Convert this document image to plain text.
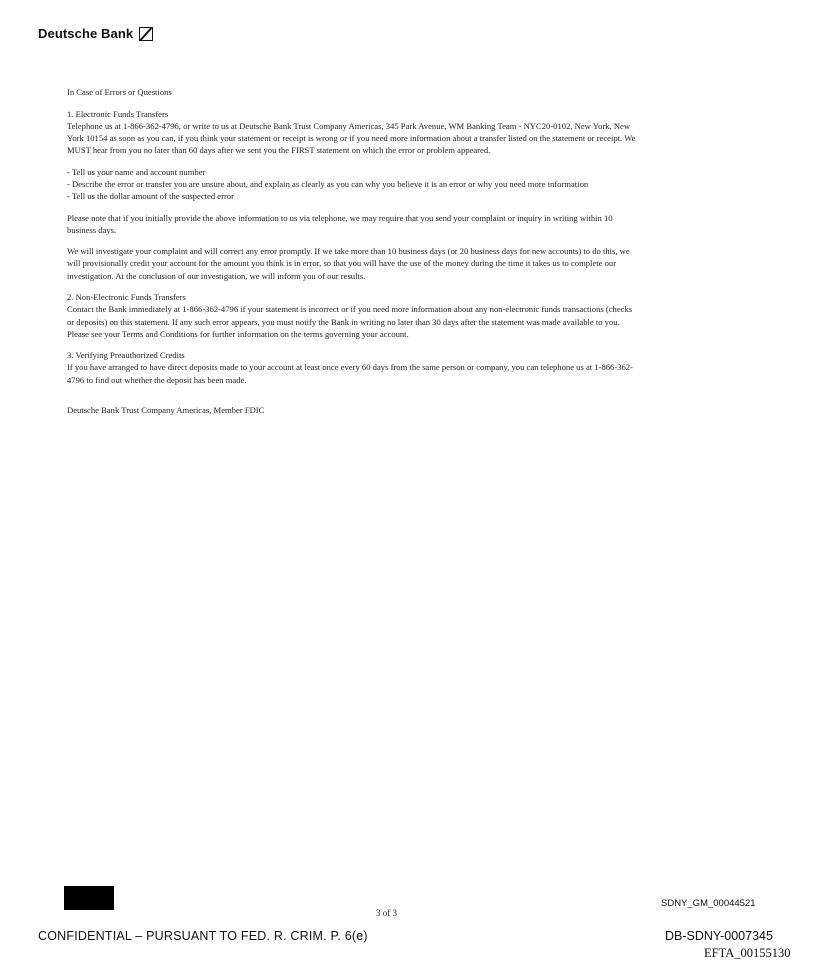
Deutsche Bank

In Case of Errors or Questions

1. Electronic Funds Transfers
Telephone us at 1-866-362-4796, or write to us at Deutsche Bank Trust Company Americas, 345 Park Avenue, WM Banking Team - NYC20-0102, New York, New York 10154 as soon as you can, if you think your statement or receipt is wrong or if you need more information about a transfer listed on the statement or receipt. We MUST hear from you no later than 60 days after we sent you the FIRST statement on which the error or problem appeared.

- Tell us your name and account number
- Describe the error or transfer you are unsure about, and explain as clearly as you can why you believe it is an error or why you need more information
- Tell us the dollar amount of the suspected error

Please note that if you initially provide the above information to us via telephone, we may require that you send your complaint or inquiry in writing within 10 business days.

We will investigate your complaint and will correct any error promptly. If we take more than 10 business days (or 20 business days for new accounts) to do this, we will provisionally credit your account for the amount you think is in error, so that you will have the use of the money during the time it takes us to complete our investigation. At the conclusion of our investigation, we will inform you of our results.

2. Non-Electronic Funds Transfers
Contact the Bank immediately at 1-866-362-4796 if your statement is incorrect or if you need more information about any non-electronic funds transactions (checks or deposits) on this statement. If any such error appears, you must notify the Bank in writing no later than 30 days after the statement was made available to you. Please see your Terms and Conditions for further information on the terms governing your account.

3. Verifying Preauthorized Credits
If you have arranged to have direct deposits made to your account at least once every 60 days from the same person or company, you can telephone us at 1-866-362-4796 to find out whether the deposit has been made.

Deutsche Bank Trust Company Americas, Member FDIC

3 of 3
SDNY_GM_00044521
CONFIDENTIAL – PURSUANT TO FED. R. CRIM. P. 6(e)	DB-SDNY-0007345
EFTA_00155130
